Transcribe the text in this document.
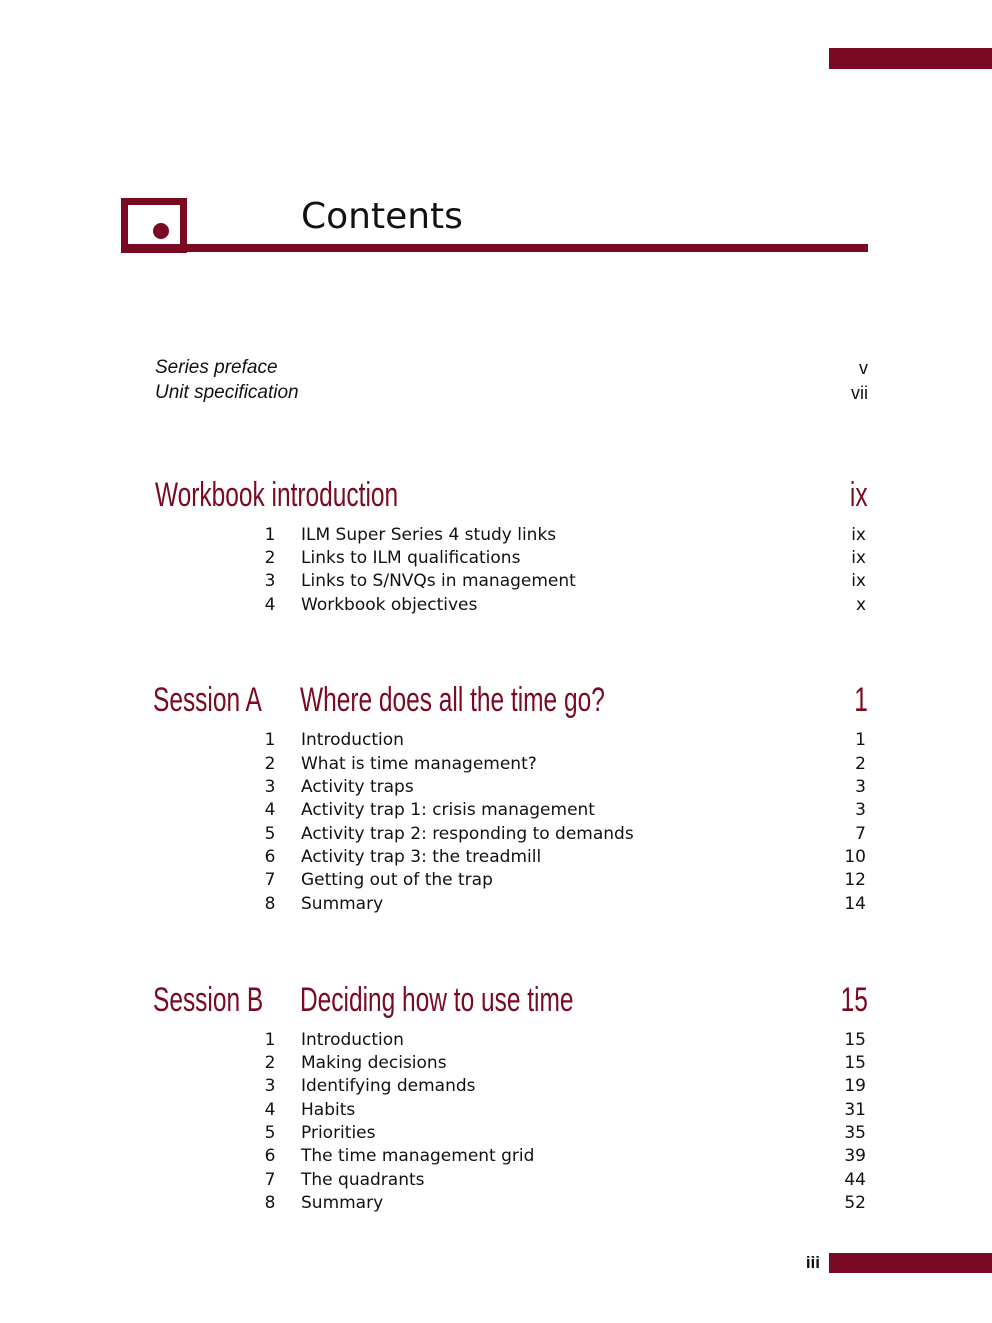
Contents
Series preface	v
Unit specification	vii
Workbook introduction	ix
1 ILM Super Series 4 study links	ix
2 Links to ILM qualifications	ix
3 Links to S/NVQs in management	ix
4 Workbook objectives	x
Session A Where does all the time go?	1
1 Introduction	1
2 What is time management?	2
3 Activity traps	3
4 Activity trap 1: crisis management	3
5 Activity trap 2: responding to demands	7
6 Activity trap 3: the treadmill	10
7 Getting out of the trap	12
8 Summary	14
Session B Deciding how to use time	15
1 Introduction	15
2 Making decisions	15
3 Identifying demands	19
4 Habits	31
5 Priorities	35
6 The time management grid	39
7 The quadrants	44
8 Summary	52
iii
